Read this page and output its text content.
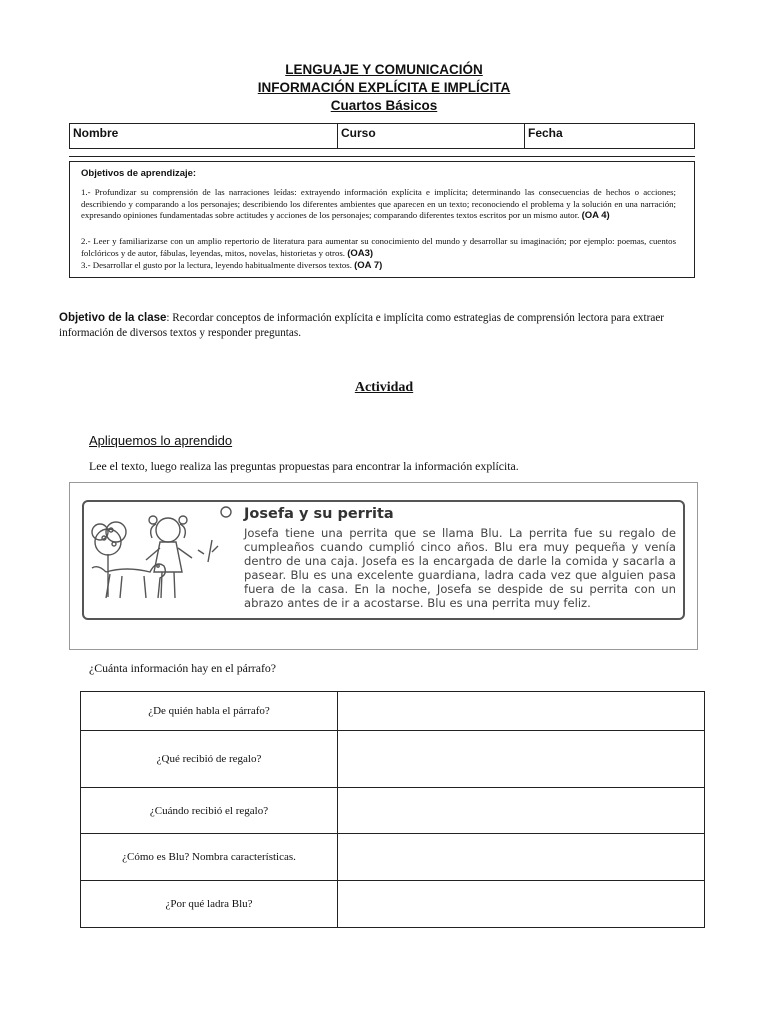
LENGUAJE Y COMUNICACIÓN
INFORMACIÓN EXPLÍCITA E IMPLÍCITA
Cuartos Básicos
Nombre	Curso	Fecha
Objetivos de aprendizaje:
1.- Profundizar su comprensión de las narraciones leídas: extrayendo información explícita e implícita; determinando las consecuencias de hechos o acciones; describiendo y comparando a los personajes; describiendo los diferentes ambientes que aparecen en un texto; reconociendo el problema y la solución en una narración; expresando opiniones fundamentadas sobre actitudes y acciones de los personajes; comparando diferentes textos escritos por un mismo autor. (OA 4)
2.- Leer y familiarizarse con un amplio repertorio de literatura para aumentar su conocimiento del mundo y desarrollar su imaginación; por ejemplo: poemas, cuentos folclóricos y de autor, fábulas, leyendas, mitos, novelas, historietas y otros. (OA3)
3.- Desarrollar el gusto por la lectura, leyendo habitualmente diversos textos. (OA 7)
Objetivo de la clase: Recordar conceptos de información explícita e implícita como estrategias de comprensión lectora para extraer información de diversos textos y responder preguntas.
Actividad
Apliquemos lo aprendido
Lee el texto, luego realiza las preguntas propuestas para encontrar la información explícita.
Josefa y su perrita
Josefa tiene una perrita que se llama Blu. La perrita fue su regalo de cumpleaños cuando cumplió cinco años. Blu era muy pequeña y venía dentro de una caja. Josefa es la encargada de darle la comida y sacarla a pasear. Blu es una excelente guardiana, ladra cada vez que alguien pasa fuera de la casa. En la noche, Josefa se despide de su perrita con un abrazo antes de ir a acostarse. Blu es una perrita muy feliz.
¿Cuánta información hay en el párrafo?
¿De quién habla el párrafo?	
¿Qué recibió de regalo?	
¿Cuándo recibió el regalo?	
¿Cómo es Blu? Nombra características.	
¿Por qué ladra Blu?	
